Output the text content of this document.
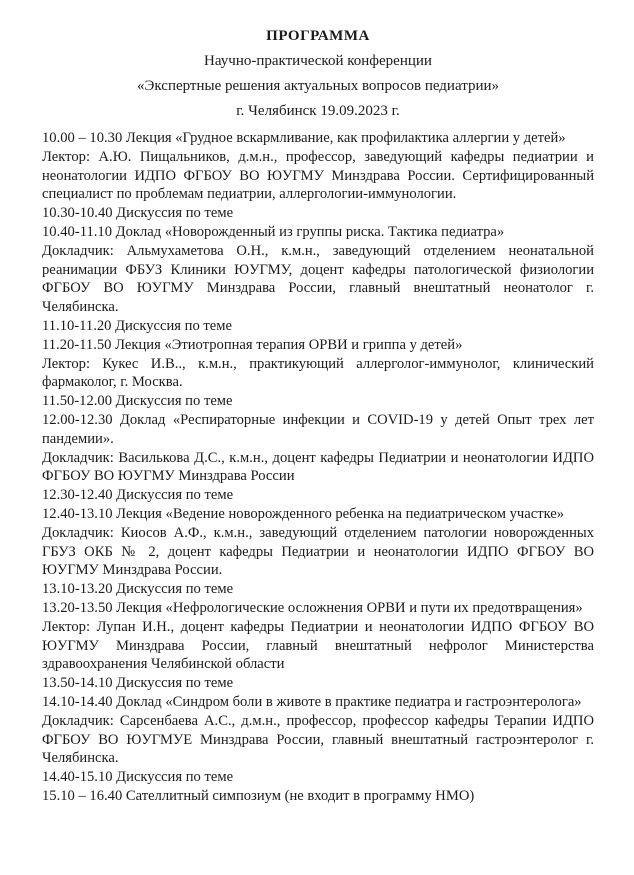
ПРОГРАММА
Научно-практической конференции
«Экспертные решения актуальных вопросов педиатрии»
г. Челябинск 19.09.2023 г.

10.00 – 10.30 Лекция «Грудное вскармливание, как профилактика аллергии у детей»

Лектор: А.Ю. Пищальников, д.м.н., профессор, заведующий кафедры педиатрии и неонатологии ИДПО ФГБОУ ВО ЮУГМУ Минздрава России. Сертифицированный специалист по проблемам педиатрии, аллергологии-иммунологии.

10.30-10.40 Дискуссия по теме

10.40-11.10 Доклад «Новорожденный из группы риска. Тактика педиатра»

Докладчик: Альмухаметова О.Н., к.м.н., заведующий отделением неонатальной реанимации ФБУЗ Клиники ЮУГМУ, доцент кафедры патологической физиологии ФГБОУ ВО ЮУГМУ Минздрава России, главный внештатный неонатолог г. Челябинска.

11.10-11.20 Дискуссия по теме

11.20-11.50 Лекция «Этиотропная терапия ОРВИ и гриппа у детей»

Лектор: Кукес И.В.., к.м.н., практикующий аллерголог-иммунолог, клинический фармаколог, г. Москва.

11.50-12.00 Дискуссия по теме

12.00-12.30 Доклад «Респираторные инфекции и COVID-19 у детей Опыт трех лет пандемии».

Докладчик: Василькова Д.С., к.м.н., доцент кафедры Педиатрии и неонатологии ИДПО ФГБОУ ВО ЮУГМУ Минздрава России

12.30-12.40 Дискуссия по теме

12.40-13.10 Лекция «Ведение новорожденного ребенка на педиатрическом участке»

Докладчик: Киосов А.Ф., к.м.н., заведующий отделением патологии новорожденных ГБУЗ ОКБ № 2, доцент кафедры Педиатрии и неонатологии ИДПО ФГБОУ ВО ЮУГМУ Минздрава России.

13.10-13.20 Дискуссия по теме

13.20-13.50 Лекция «Нефрологические осложнения ОРВИ и пути их предотвращения»

Лектор: Лупан И.Н., доцент кафедры Педиатрии и неонатологии ИДПО ФГБОУ ВО ЮУГМУ Минздрава России, главный внештатный нефролог Министерства здравоохранения Челябинской области

13.50-14.10 Дискуссия по теме

14.10-14.40 Доклад «Синдром боли в животе в практике педиатра и гастроэнтеролога»

Докладчик: Сарсенбаева А.С., д.м.н., профессор, профессор кафедры Терапии ИДПО ФГБОУ ВО ЮУГМУЕ Минздрава России, главный внештатный гастроэнтеролог г. Челябинска.

14.40-15.10 Дискуссия по теме

15.10 – 16.40 Сателлитный симпозиум (не входит в программу НМО)
